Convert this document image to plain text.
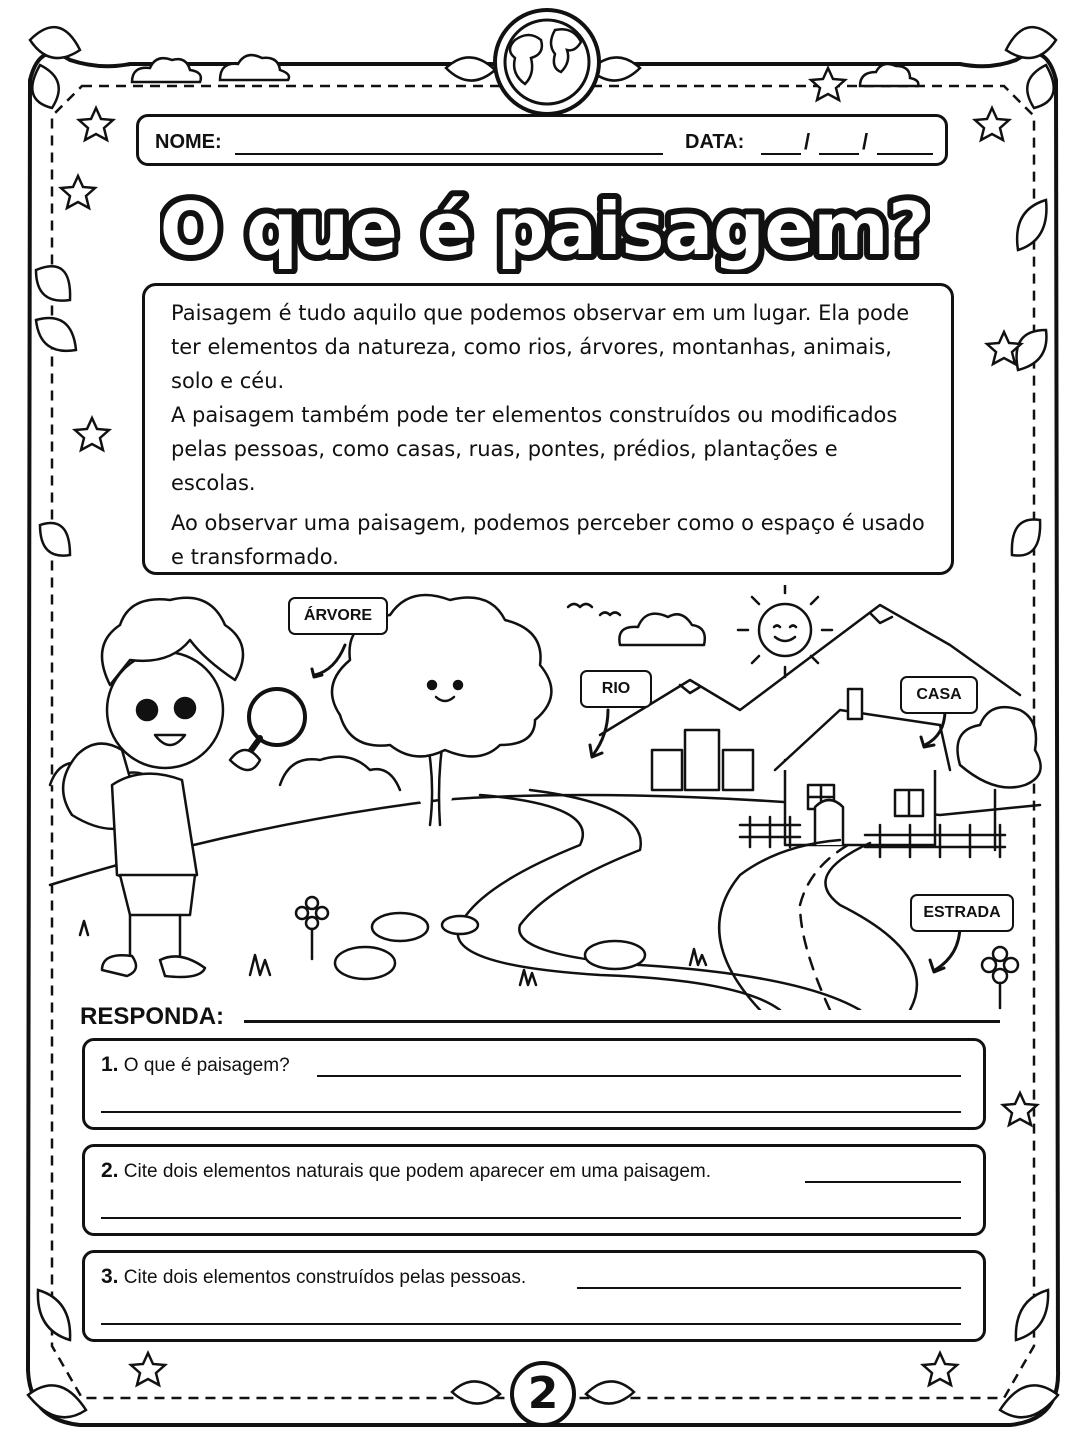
NOME:	DATA:	/ /
O que é paisagem?

Paisagem é tudo aquilo que podemos observar em um lugar. Ela pode ter elementos da natureza, como rios, árvores, montanhas, animais, solo e céu.

A paisagem também pode ter elementos construídos ou modificados pelas pessoas, como casas, ruas, pontes, prédios, plantações e escolas.

Ao observar uma paisagem, podemos perceber como o espaço é usado e transformado.

ÁRVORE
RIO	CASA
ESTRADA
RESPONDA:
1. O que é paisagem?
2. Cite dois elementos naturais que podem aparecer em uma paisagem.
3. Cite dois elementos construídos pelas pessoas.
2
